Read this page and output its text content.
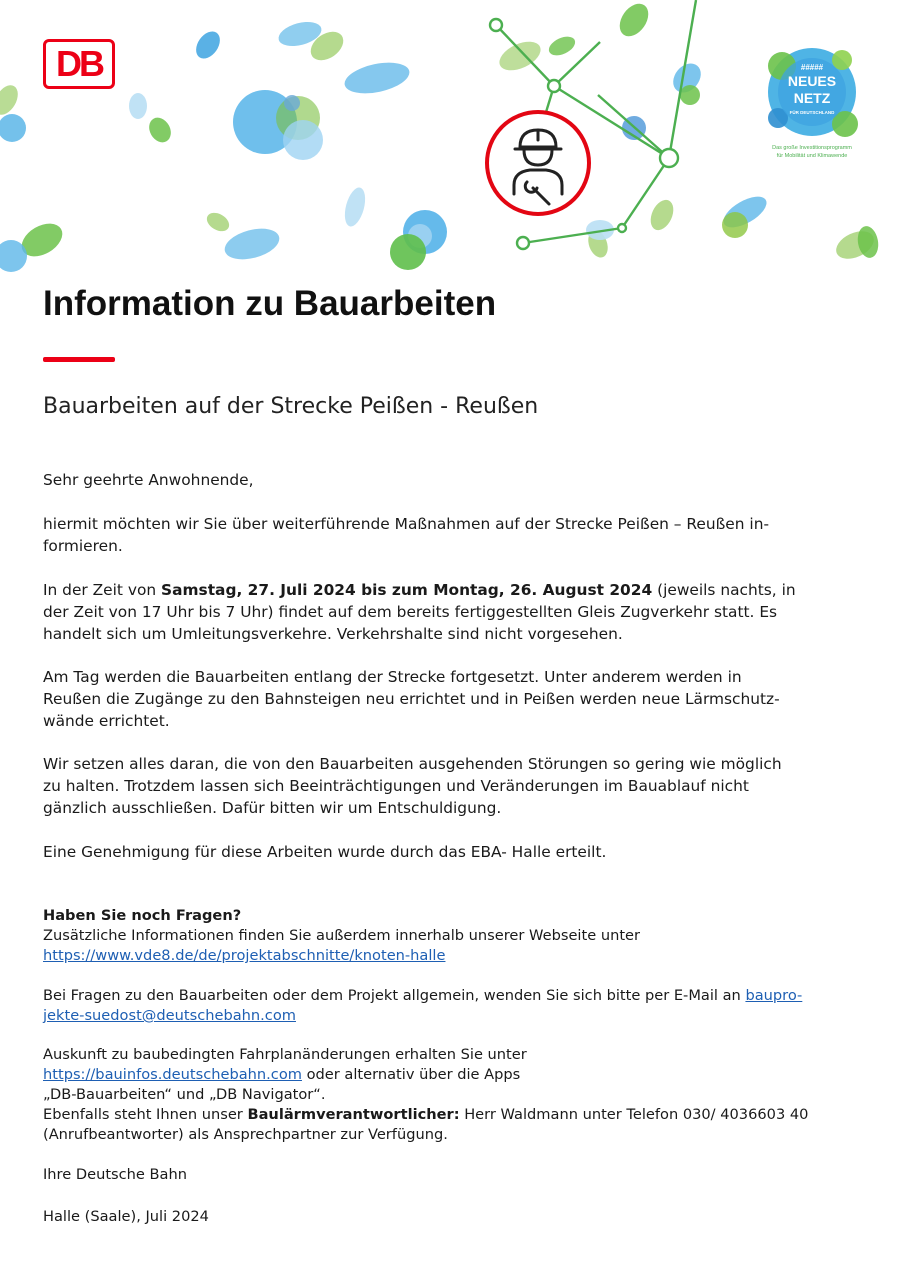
#####
NEUES
NETZ
FÜR DEUTSCHLAND
Das große Investitionsprogramm
für Mobilität und Klimawende
DB
Information zu Bauarbeiten
Bauarbeiten auf der Strecke Peißen - Reußen

Sehr geehrte Anwohnende,

hiermit möchten wir Sie über weiterführende Maßnahmen auf der Strecke Peißen – Reußen in-

formieren.

In der Zeit von Samstag, 27. Juli 2024 bis zum Montag, 26. August 2024 (jeweils nachts, in

der Zeit von 17 Uhr bis 7 Uhr) findet auf dem bereits fertiggestellten Gleis Zugverkehr statt. Es

handelt sich um Umleitungsverkehre. Verkehrshalte sind nicht vorgesehen.

Am Tag werden die Bauarbeiten entlang der Strecke fortgesetzt. Unter anderem werden in

Reußen die Zugänge zu den Bahnsteigen neu errichtet und in Peißen werden neue Lärmschutz-

wände errichtet.

Wir setzen alles daran, die von den Bauarbeiten ausgehenden Störungen so gering wie möglich

zu halten. Trotzdem lassen sich Beeinträchtigungen und Veränderungen im Bauablauf nicht

gänzlich ausschließen. Dafür bitten wir um Entschuldigung.

Eine Genehmigung für diese Arbeiten wurde durch das EBA- Halle erteilt.

Haben Sie noch Fragen?

Zusätzliche Informationen finden Sie außerdem innerhalb unserer Webseite unter

https://www.vde8.de/de/projektabschnitte/knoten-halle

Bei Fragen zu den Bauarbeiten oder dem Projekt allgemein, wenden Sie sich bitte per E-Mail an baupro-

jekte-suedost@deutschebahn.com

Auskunft zu baubedingten Fahrplanänderungen erhalten Sie unter

https://bauinfos.deutschebahn.com oder alternativ über die Apps

„DB-Bauarbeiten“ und „DB Navigator“.

Ebenfalls steht Ihnen unser Baulärmverantwortlicher: Herr Waldmann unter Telefon 030/ 4036603 40

(Anrufbeantworter) als Ansprechpartner zur Verfügung.

Ihre Deutsche Bahn

Halle (Saale), Juli 2024
